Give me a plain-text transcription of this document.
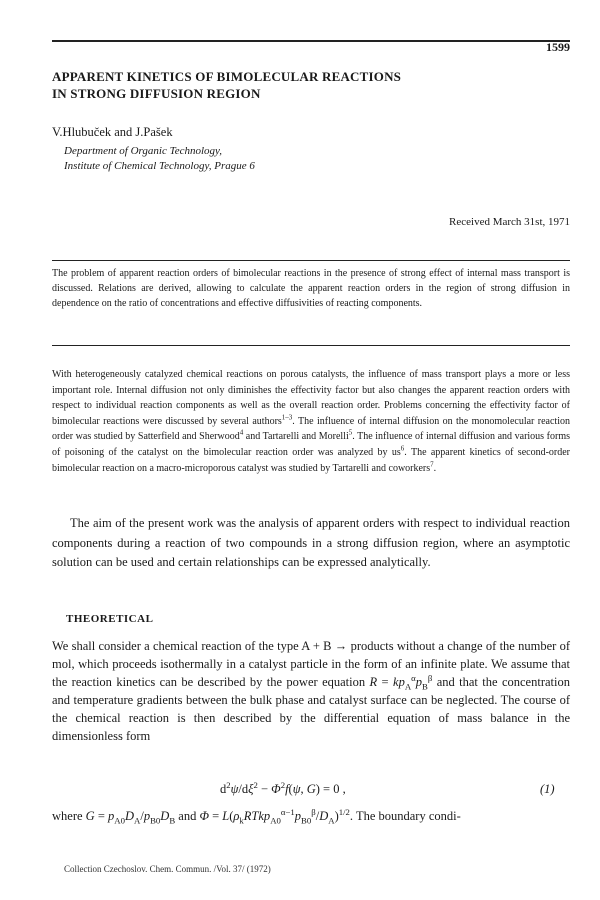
1599
APPARENT KINETICS OF BIMOLECULAR REACTIONS
IN STRONG DIFFUSION REGION
V.Hlubuček and J.Pašek
Department of Organic Technology,
Institute of Chemical Technology, Prague 6
Received March 31st, 1971
The problem of apparent reaction orders of bimolecular reactions in the presence of strong effect of internal mass transport is discussed. Relations are derived, allowing to calculate the apparent reaction orders in the region of strong diffusion in dependence on the ratio of concentrations and effective diffusivities of reacting components.
With heterogeneously catalyzed chemical reactions on porous catalysts, the influence of mass transport plays a more or less important role. Internal diffusion not only diminishes the effectivity factor but also changes the apparent reaction orders with respect to individual reaction components as well as the overall reaction order. Problems concerning the effectivity factor of bimolecular reactions were discussed by several authors$^{1-3}$. The influence of internal diffusion on the monomolecular reaction order was studied by Satterfield and Sherwood$^4$ and Tartarelli and Morelli$^5$. The influence of internal diffusion and various forms of poisoning of the catalyst on the bimolecular reaction order was analyzed by $us^6$. The apparent kinetics of second-order bimolecular reaction on a macro-microporous catalyst was studied by Tartarelli and coworkers$^7$.
The aim of the present work was the analysis of apparent orders with respect to individual reaction components during a reaction of two compounds in a strong diffusion region, where an asymptotic solution can be used and certain relationships can be expressed analytically.
THEORETICAL
We shall consider a chemical reaction of the type A + B → products without a change of the number of mol, which proceeds isothermally in a catalyst particle in the form of an infinite plate. We assume that the reaction kinetics can be described by the power equation $R = kp_A^\alpha p_B^\beta$ and that the concentration and temperature gradients between the bulk phase and catalyst surface can be neglected. The course of the chemical reaction is then described by the differential equation of mass balance in the dimensionless form
$d^2\psi/d\xi^2 - \Phi^2f(\psi$, G) = 0 ,	(1)
where $G = p_{A0}D_A/p_{B0}D_B$ and $\Phi = L(\rho_kRTkp_{A0}^{\alpha-1}p_{B0}^\beta/D_A)^{1/2}$. The boundary condi-
Collection Czechoslov. Chem. Commun. /Vol. 37/ (1972)
